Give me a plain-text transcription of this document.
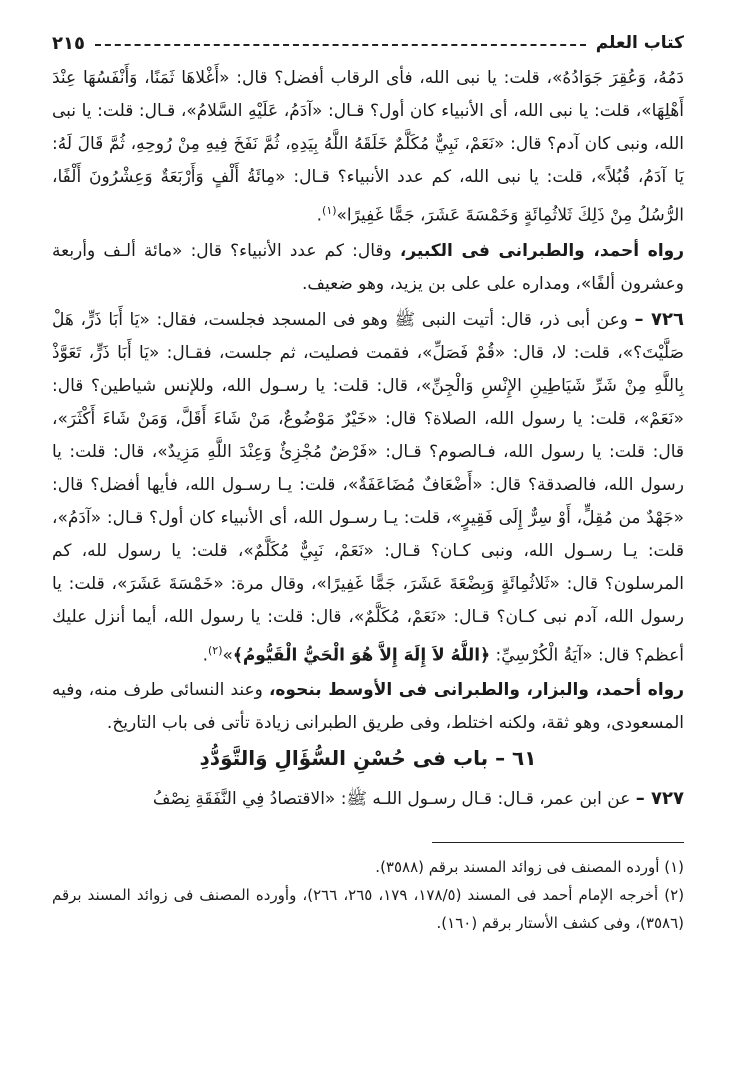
كتاب العلم
٢١٥

دَمُهُ، وَعُقِرَ جَوَادُهُ»، قلت: يا نبى الله، فأى الرقاب أفضل؟ قال: «أَغْلاهَا ثَمَنًا، وَأَنْفَسُهَا عِنْدَ أَهْلِهَا»، قلت: يا نبى الله، أى الأنبياء كان أول؟ قـال: «آدَمُ، عَلَيْهِ السَّلامُ»، قـال: قلت: يا نبى الله، ونبى كان آدم؟ قال: «نَعَمْ، نَبِيٌّ مُكَلَّمٌ خَلَقَهُ اللَّهُ بِيَدِهِ، ثُمَّ نَفَخَ فِيهِ مِنْ رُوحِهِ، ثُمَّ قَالَ لَهُ: يَا آدَمُ، قُبُلاً»، قلت: يا نبى الله، كم عدد الأنبياء؟ قـال: «مِائَةُ أَلْفٍ وَأَرْبَعَةٌ وَعِشْرُونَ أَلْفًا، الرُّسُلُ مِنْ ذَلِكَ ثَلاثُمِائَةٍ وَخَمْسَةَ عَشَرَ، جَمًّا غَفِيرًا»$^{(١)}$.

رواه أحمد، والطبرانى فى الكبير، وقال: كم عدد الأنبياء؟ قال: «مائة ألـف وأربعة وعشرون ألفًا»، ومداره على على بن يزيد، وهو ضعيف.

٧٢٦ – وعن أبى ذر، قال: أتيت النبى ﷺ وهو فى المسجد فجلست، فقال: «يَا أَبَا ذَرٍّ، هَلْ صَلَّيْتَ؟»، قلت: لا، قال: «قُمْ فَصَلِّ»، فقمت فصليت، ثم جلست، فقـال: «يَا أَبَا ذَرٍّ، تَعَوَّذْ بِاللَّهِ مِنْ شَرِّ شَيَاطِينِ الإِنْسِ وَالْجِنِّ»، قال: قلت: يا رسـول الله، وللإنس شياطين؟ قال: «نَعَمْ»، قلت: يا رسول الله، الصلاة؟ قال: «خَيْرٌ مَوْضُوعٌ، مَنْ شَاءَ أَقَلَّ، وَمَنْ شَاءَ أَكْثَرَ»، قال: قلت: يا رسول الله، فـالصوم؟ قـال: «فَرْضٌ مُجْزِئٌ وَعِنْدَ اللَّهِ مَزِيدٌ»، قال: قلت: يا رسول الله، فالصدقة؟ قال: «أَضْعَافٌ مُضَاعَفَةٌ»، قلت: يـا رسـول الله، فأيها أفضل؟ قال: «جَهْدٌ من مُقِلٍّ، أَوْ سِرٌّ إِلَى فَقِيرٍ»، قلت: يـا رسـول الله، أى الأنبياء كان أول؟ قـال: «آدَمُ»، قلت: يـا رسـول الله، ونبى كـان؟ قـال: «نَعَمْ، نَبِيٌّ مُكَلَّمٌ»، قلت: يا رسول لله، كم المرسلون؟ قال: «ثَلاثُمِائَةٍ وَبِضْعَةَ عَشَرَ، جَمًّا غَفِيرًا»، وقال مرة: «خَمْسَةَ عَشَرَ»، قلت: يا رسول الله، آدم نبى كـان؟ قـال: «نَعَمْ، مُكَلَّمٌ»، قال: قلت: يا رسول الله، أيما أنزل عليك أعظم؟ قال: «آيَةُ الْكُرْسِيِّ: ﴿اللَّهُ لاَ إِلَهَ إِلاَّ هُوَ الْحَيُّ الْقَيُّومُ﴾»$^{(٢)}$.

رواه أحمد، والبزار، والطبرانى فى الأوسط بنحوه، وعند النسائى طرف منه، وفيه المسعودى، وهو ثقة، ولكنه اختلط، وفى طريق الطبرانى زيادة تأتى فى باب التاريخ.

٦١ – باب فى حُسْنِ السُّؤَالِ وَالتَّوَدُّدِ

٧٢٧ – عن ابن عمر، قـال: قـال رسـول اللـه ﷺ: «الاقتصادُ فِي النَّفَقَةِ نِصْفُ

(١) أورده المصنف فى زوائد المسند برقم (٣٥٨٨).

(٢) أخرجه الإمام أحمد فى المسند (١٧٨/٥، ١٧٩، ٢٦٥، ٢٦٦)، وأورده المصنف فى زوائد المسند برقم (٣٥٨٦)، وفى كشف الأستار برقم (١٦٠).
